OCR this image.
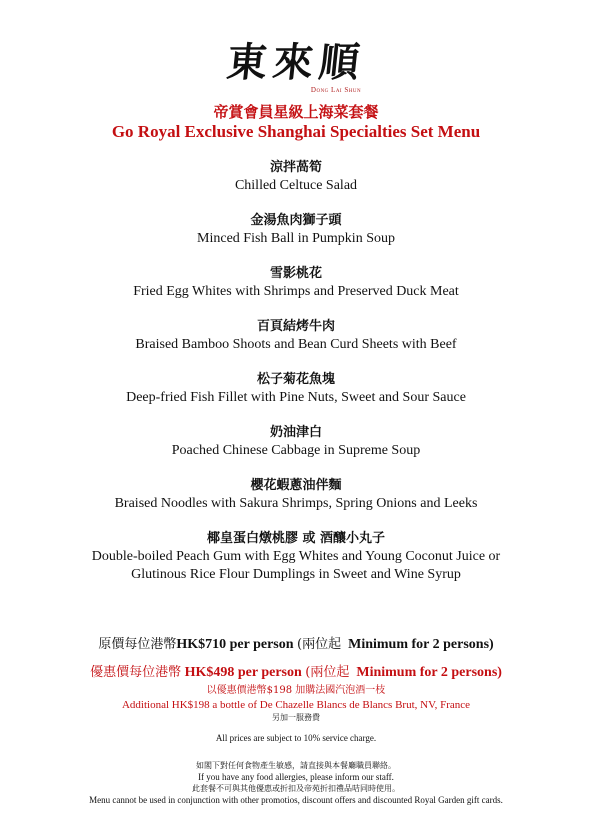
東來順
Dong Lai Shun
帝賞會員星級上海菜套餐
Go Royal Exclusive Shanghai Specialties Set Menu
涼拌萵筍
Chilled Celtuce Salad
金湯魚肉獅子頭
Minced Fish Ball in Pumpkin Soup
雪影桃花
Fried Egg Whites with Shrimps and Preserved Duck Meat
百頁結烤牛肉
Braised Bamboo Shoots and Bean Curd Sheets with Beef
松子菊花魚塊
Deep-fried Fish Fillet with Pine Nuts, Sweet and Sour Sauce
奶油津白
Poached Chinese Cabbage in Supreme Soup
櫻花蝦蔥油伴麵
Braised Noodles with Sakura Shrimps, Spring Onions and Leeks
椰皇蛋白燉桃膠 或 酒釀小丸子
Double-boiled Peach Gum with Egg Whites and Young Coconut Juice or
Glutinous Rice Flour Dumplings in Sweet and Wine Syrup
原價每位港幣HK$710 per person (兩位起 Minimum for 2 persons)
優惠價每位港幣 HK$498 per person (兩位起 Minimum for 2 persons)
以優惠價港幣$198 加購法國汽泡酒一枝
Additional HK$198 a bottle of De Chazelle Blancs de Blancs Brut, NV, France
另加一服務費
All prices are subject to 10% service charge.
如閣下對任何食物產生敏感，請直接與本餐廳職員聯絡。
If you have any food allergies, please inform our staff.
此套餐不可與其他優惠或折扣及帝苑折扣禮品咭同時使用。
Menu cannot be used in conjunction with other promotios, discount offers and discounted Royal Garden gift cards.
